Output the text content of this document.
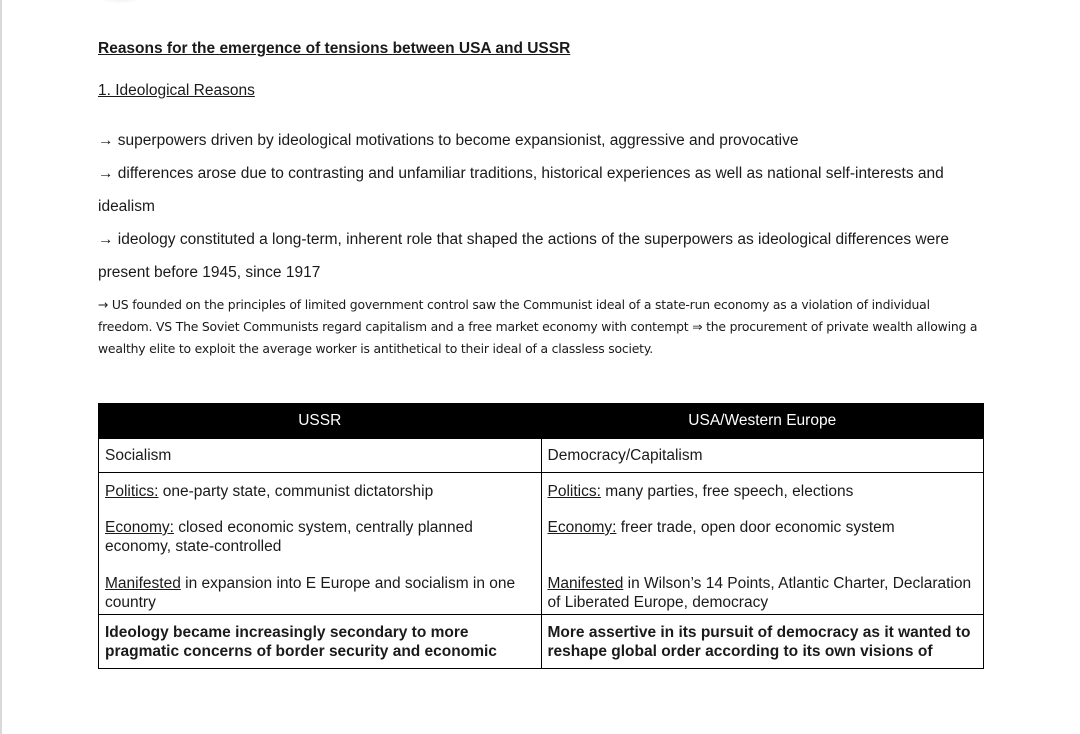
Reasons for the emergence of tensions between USA and USSR
1. Ideological Reasons

→ superpowers driven by ideological motivations to become expansionist, aggressive and provocative

→ differences arose due to contrasting and unfamiliar traditions, historical experiences as well as national self-interests and idealism

→ ideology constituted a long-term, inherent role that shaped the actions of the superpowers as ideological differences were present before 1945, since 1917

→ US founded on the principles of limited government control saw the Communist ideal of a state-run economy as a violation of individual freedom. VS The Soviet Communists regard capitalism and a free market economy with contempt ⇒ the procurement of private wealth allowing a wealthy elite to exploit the average worker is antithetical to their ideal of a classless society.
USSR	USA/Western Europe
Socialism	Democracy/Capitalism

Politics: one-party state, communist dictatorship	Politics: many parties, free speech, elections

Economy: closed economic system, centrally planned economy, state-controlled	Economy: freer trade, open door economic system

Manifested in expansion into E Europe and socialism in one country	Manifested in Wilson’s 14 Points, Atlantic Charter, Declaration of Liberated Europe, democracy

Ideology became increasingly secondary to more pragmatic concerns of border security and economic	More assertive in its pursuit of democracy as it wanted to reshape global order according to its own visions of
